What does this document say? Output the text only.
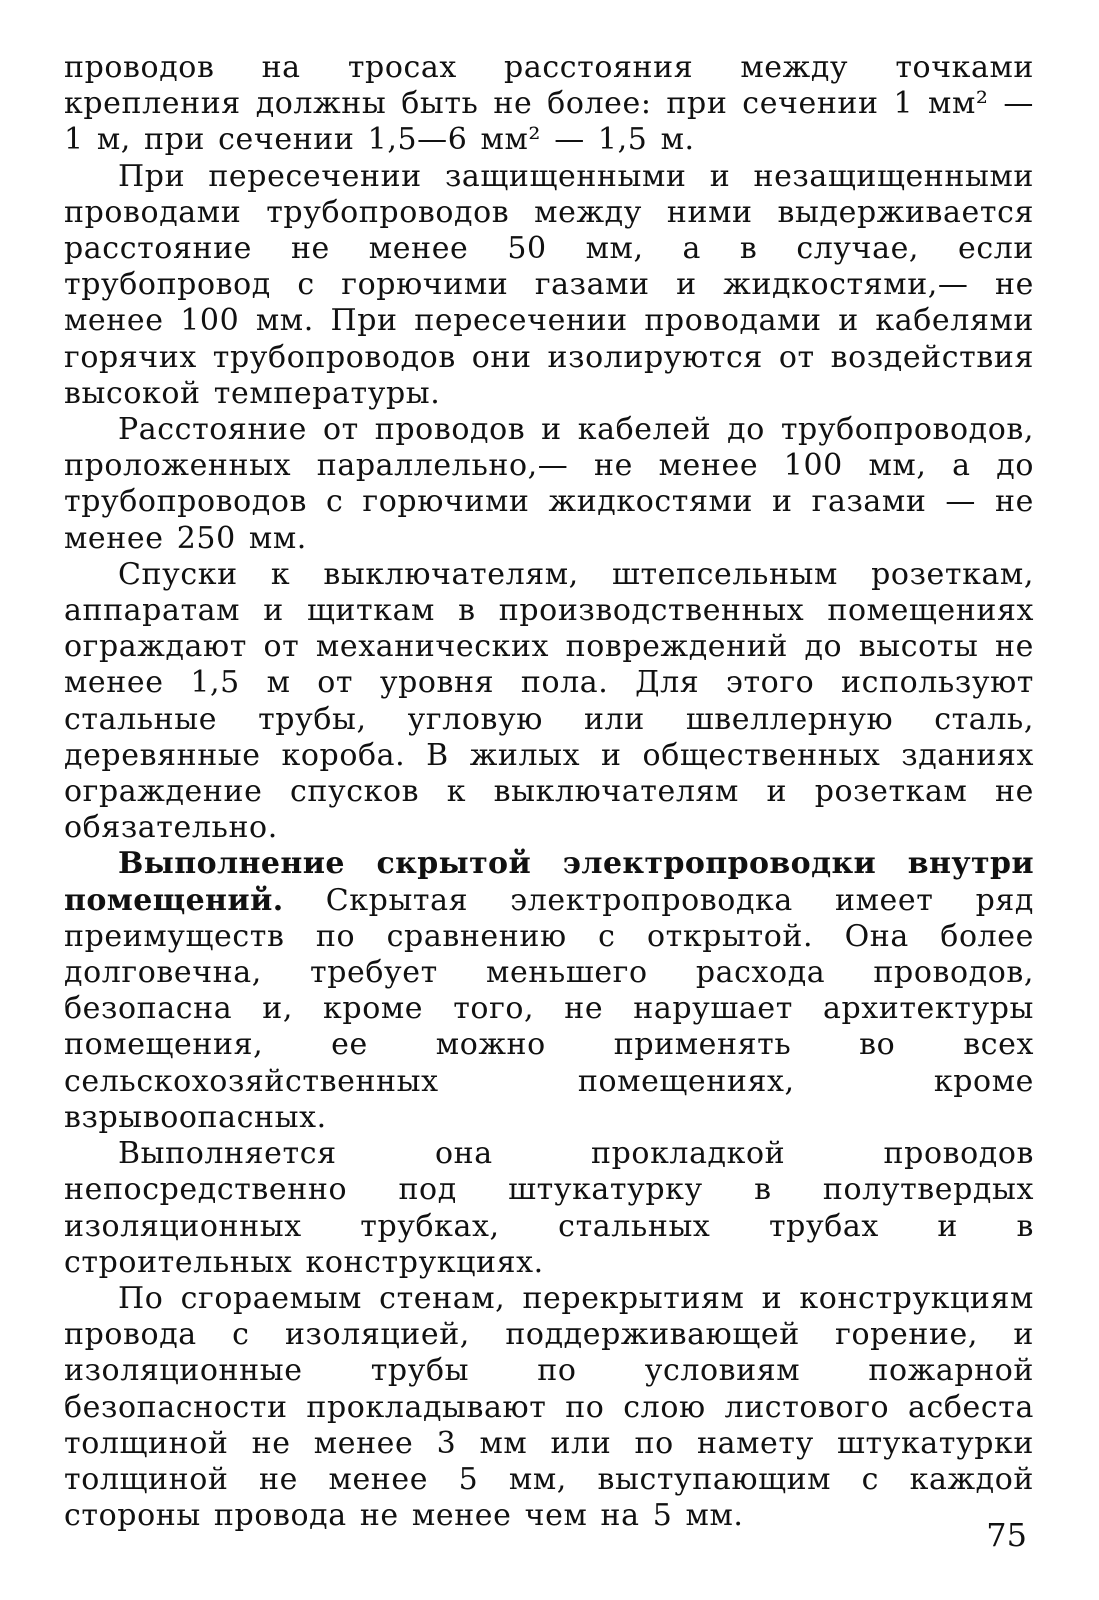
проводов на тросах расстояния между точками крепления должны быть не более: при сечении 1 мм² — 1 м, при сечении 1,5—6 мм² — 1,5 м.

При пересечении защищенными и незащищенными проводами трубопроводов между ними выдерживается расстояние не менее 50 мм, а в случае, если трубопровод с горючими газами и жидкостями,— не менее 100 мм. При пересечении проводами и кабелями горячих трубопроводов они изолируются от воздействия высокой температуры.

Расстояние от проводов и кабелей до трубопроводов, проложенных параллельно,— не менее 100 мм, а до трубопроводов с горючими жидкостями и газами — не менее 250 мм.

Спуски к выключателям, штепсельным розеткам, аппаратам и щиткам в производственных помещениях ограждают от механических повреждений до высоты не менее 1,5 м от уровня пола. Для этого используют стальные трубы, угловую или швеллерную сталь, деревянные короба. В жилых и общественных зданиях ограждение спусков к выключателям и розеткам не обязательно.

Выполнение скрытой электропроводки внутри помещений. Скрытая электропроводка имеет ряд преимуществ по сравнению с открытой. Она более долговечна, требует меньшего расхода проводов, безопасна и, кроме того, не нарушает архитектуры помещения, ее можно применять во всех сельскохозяйственных помещениях, кроме взрывоопасных.

Выполняется она прокладкой проводов непосредственно под штукатурку в полутвердых изоляционных трубках, стальных трубах и в строительных конструкциях.

По сгораемым стенам, перекрытиям и конструкциям провода с изоляцией, поддерживающей горение, и изоляционные трубы по условиям пожарной безопасности прокладывают по слою листового асбеста толщиной не менее 3 мм или по намету штукатурки толщиной не менее 5 мм, выступающим с каждой стороны провода не менее чем на 5 мм.

75
